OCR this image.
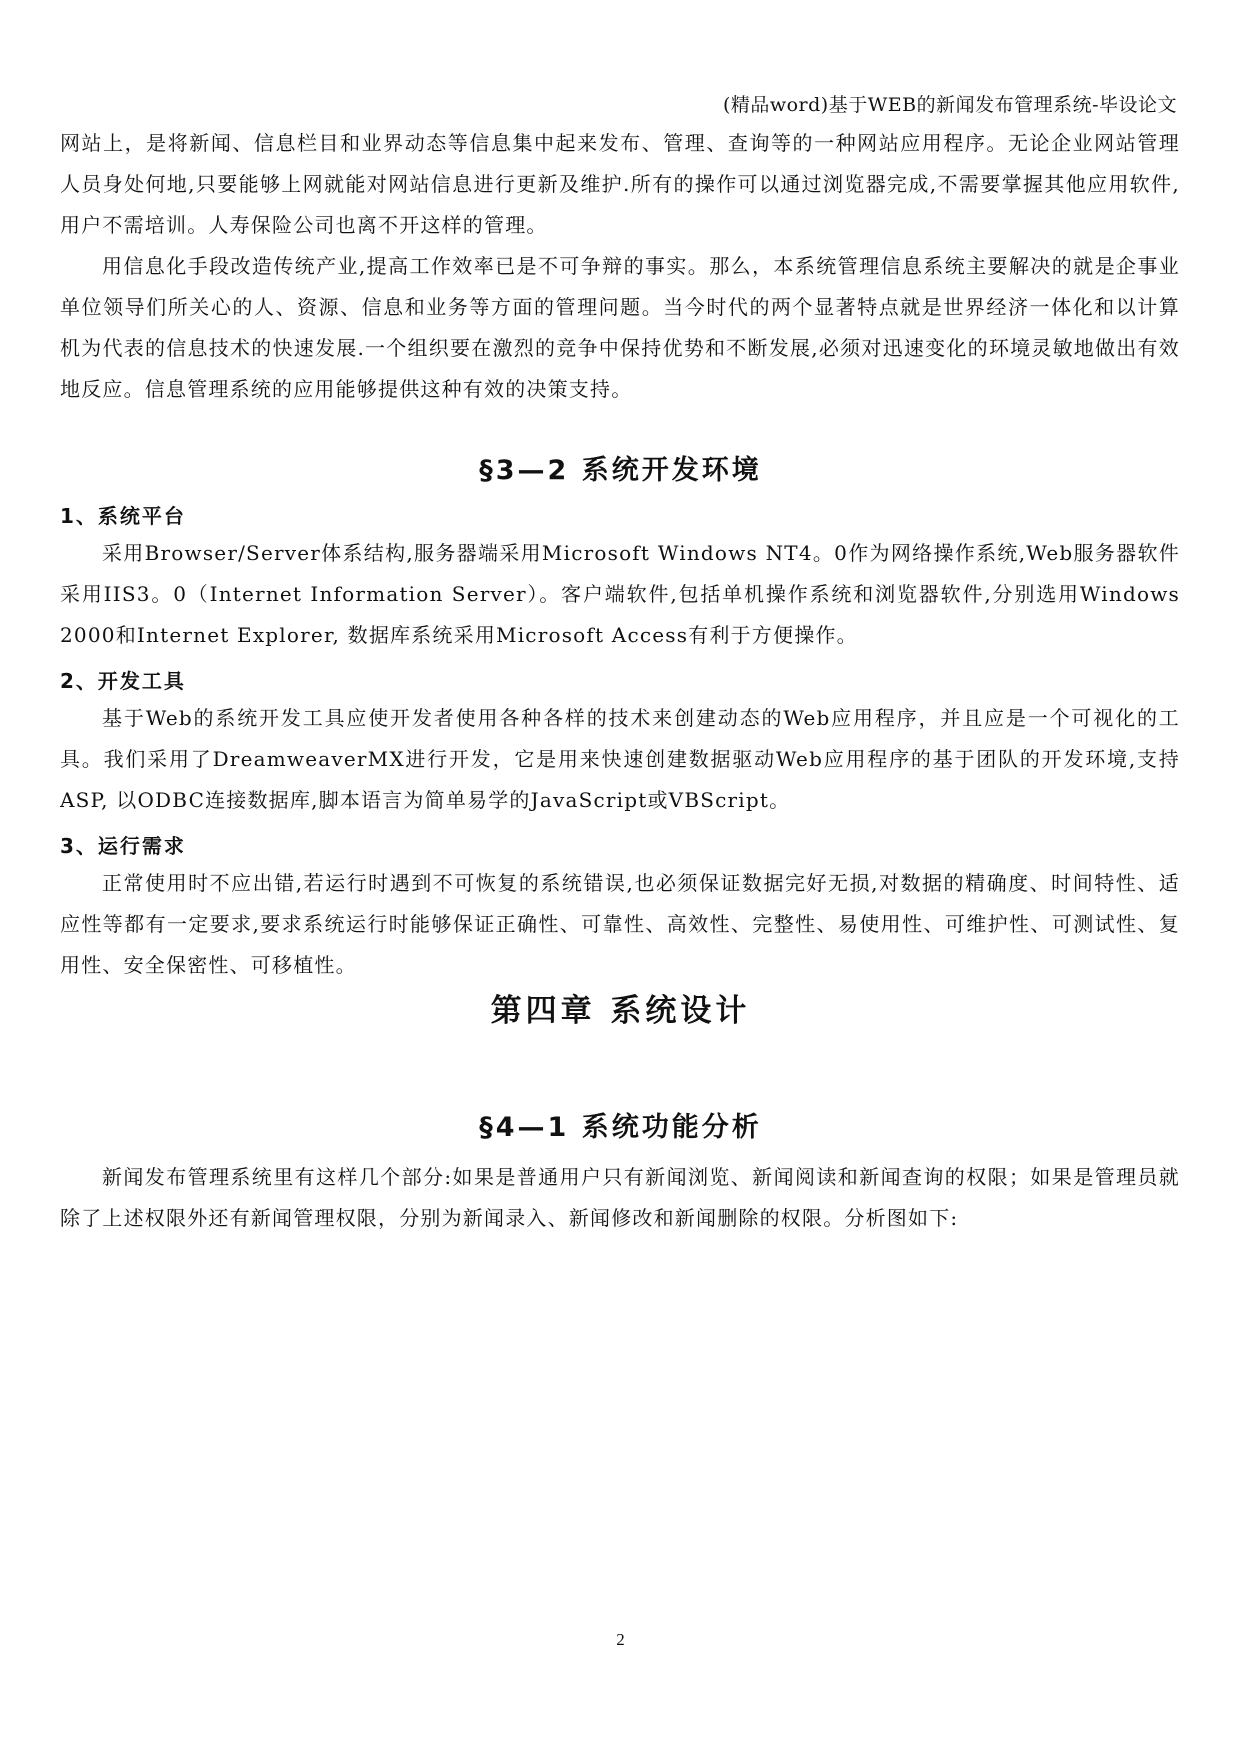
(精品word)基于WEB的新闻发布管理系统-毕设论文

网站上，是将新闻、信息栏目和业界动态等信息集中起来发布、管理、查询等的一种网站应用程序。无论企业网站管理人员身处何地,只要能够上网就能对网站信息进行更新及维护.所有的操作可以通过浏览器完成,不需要掌握其他应用软件,用户不需培训。人寿保险公司也离不开这样的管理。

用信息化手段改造传统产业,提高工作效率已是不可争辩的事实。那么，本系统管理信息系统主要解决的就是企事业单位领导们所关心的人、资源、信息和业务等方面的管理问题。当今时代的两个显著特点就是世界经济一体化和以计算机为代表的信息技术的快速发展.一个组织要在激烈的竞争中保持优势和不断发展,必须对迅速变化的环境灵敏地做出有效地反应。信息管理系统的应用能够提供这种有效的决策支持。

§3—2 系统开发环境
1、系统平台

采用Browser/Server体系结构,服务器端采用Microsoft Windows NT4。0作为网络操作系统,Web服务器软件采用IIS3。0（Internet Information Server）。客户端软件,包括单机操作系统和浏览器软件,分别选用Windows 2000和Internet Explorer, 数据库系统采用Microsoft Access有利于方便操作。

2、开发工具

基于Web的系统开发工具应使开发者使用各种各样的技术来创建动态的Web应用程序，并且应是一个可视化的工具。我们采用了DreamweaverMX进行开发，它是用来快速创建数据驱动Web应用程序的基于团队的开发环境,支持ASP, 以ODBC连接数据库,脚本语言为简单易学的JavaScript或VBScript。

3、运行需求

正常使用时不应出错,若运行时遇到不可恢复的系统错误,也必须保证数据完好无损,对数据的精确度、时间特性、适应性等都有一定要求,要求系统运行时能够保证正确性、可靠性、高效性、完整性、易使用性、可维护性、可测试性、复用性、安全保密性、可移植性。

第四章 系统设计
§4—1 系统功能分析

新闻发布管理系统里有这样几个部分:如果是普通用户只有新闻浏览、新闻阅读和新闻查询的权限；如果是管理员就除了上述权限外还有新闻管理权限，分别为新闻录入、新闻修改和新闻删除的权限。分析图如下:

2
